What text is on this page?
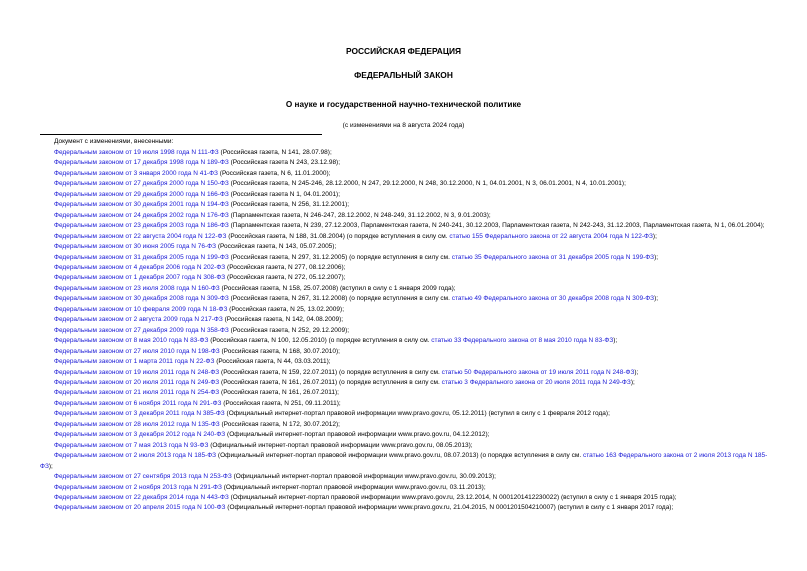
РОССИЙСКАЯ ФЕДЕРАЦИЯ
ФЕДЕРАЛЬНЫЙ ЗАКОН
О науке и государственной научно-технической политике
(с изменениями на 8 августа 2024 года)
Документ с изменениями, внесенными:
Федеральным законом от 19 июля 1998 года N 111-ФЗ (Российская газета, N 141, 28.07.98);
Федеральным законом от 17 декабря 1998 года N 189-ФЗ (Российская газета N 243, 23.12.98);
Федеральным законом от 3 января 2000 года N 41-ФЗ (Российская газета, N 6, 11.01.2000);
Федеральным законом от 27 декабря 2000 года N 150-ФЗ (Российская газета, N 245-246, 28.12.2000, N 247, 29.12.2000, N 248, 30.12.2000, N 1, 04.01.2001, N 3, 06.01.2001, N 4, 10.01.2001);
Федеральным законом от 29 декабря 2000 года N 166-ФЗ (Российская газета N 1, 04.01.2001);
Федеральным законом от 30 декабря 2001 года N 194-ФЗ (Российская газета, N 256, 31.12.2001);
Федеральным законом от 24 декабря 2002 года N 176-ФЗ (Парламентская газета, N 246-247, 28.12.2002, N 248-249, 31.12.2002, N 3, 9.01.2003);
Федеральным законом от 23 декабря 2003 года N 186-ФЗ (Парламентская газета, N 239, 27.12.2003, Парламентская газета, N 240-241, 30.12.2003, Парламентская газета, N 242-243, 31.12.2003, Парламентская газета, N 1, 06.01.2004);
Федеральным законом от 22 августа 2004 года N 122-ФЗ (Российская газета, N 188, 31.08.2004) (о порядке вступления в силу см. статью 155 Федерального закона от 22 августа 2004 года N 122-ФЗ);
Федеральным законом от 30 июня 2005 года N 76-ФЗ (Российская газета, N 143, 05.07.2005);
Федеральным законом от 31 декабря 2005 года N 199-ФЗ (Российская газета, N 297, 31.12.2005) (о порядке вступления в силу см. статью 35 Федерального закона от 31 декабря 2005 года N 199-ФЗ);
Федеральным законом от 4 декабря 2006 года N 202-ФЗ (Российская газета, N 277, 08.12.2006);
Федеральным законом от 1 декабря 2007 года N 308-ФЗ (Российская газета, N 272, 05.12.2007);
Федеральным законом от 23 июля 2008 года N 160-ФЗ (Российская газета, N 158, 25.07.2008) (вступил в силу с 1 января 2009 года);
Федеральным законом от 30 декабря 2008 года N 309-ФЗ (Российская газета, N 267, 31.12.2008) (о порядке вступления в силу см. статью 49 Федерального закона от 30 декабря 2008 года N 309-ФЗ);
Федеральным законом от 10 февраля 2009 года N 18-ФЗ (Российская газета, N 25, 13.02.2009);
Федеральным законом от 2 августа 2009 года N 217-ФЗ (Российская газета, N 142, 04.08.2009);
Федеральным законом от 27 декабря 2009 года N 358-ФЗ (Российская газета, N 252, 29.12.2009);
Федеральным законом от 8 мая 2010 года N 83-ФЗ (Российская газета, N 100, 12.05.2010) (о порядке вступления в силу см. статью 33 Федерального закона от 8 мая 2010 года N 83-ФЗ);
Федеральным законом от 27 июля 2010 года N 198-ФЗ (Российская газета, N 168, 30.07.2010);
Федеральным законом от 1 марта 2011 года N 22-ФЗ (Российская газета, N 44, 03.03.2011);
Федеральным законом от 19 июля 2011 года N 248-ФЗ (Российская газета, N 159, 22.07.2011) (о порядке вступления в силу см. статью 50 Федерального закона от 19 июля 2011 года N 248-ФЗ);
Федеральным законом от 20 июля 2011 года N 249-ФЗ (Российская газета, N 161, 26.07.2011) (о порядке вступления в силу см. статью 3 Федерального закона от 20 июля 2011 года N 249-ФЗ);
Федеральным законом от 21 июля 2011 года N 254-ФЗ (Российская газета, N 161, 26.07.2011);
Федеральным законом от 6 ноября 2011 года N 291-ФЗ (Российская газета, N 251, 09.11.2011);
Федеральным законом от 3 декабря 2011 года N 385-ФЗ (Официальный интернет-портал правовой информации www.pravo.gov.ru, 05.12.2011) (вступил в силу с 1 февраля 2012 года);
Федеральным законом от 28 июля 2012 года N 135-ФЗ (Российская газета, N 172, 30.07.2012);
Федеральным законом от 3 декабря 2012 года N 240-ФЗ (Официальный интернет-портал правовой информации www.pravo.gov.ru, 04.12.2012);
Федеральным законом от 7 мая 2013 года N 93-ФЗ (Официальный интернет-портал правовой информации www.pravo.gov.ru, 08.05.2013);
Федеральным законом от 2 июля 2013 года N 185-ФЗ (Официальный интернет-портал правовой информации www.pravo.gov.ru, 08.07.2013) (о порядке вступления в силу см. статью 163 Федерального закона от 2 июля 2013 года N 185-ФЗ);
Федеральным законом от 27 сентября 2013 года N 253-ФЗ (Официальный интернет-портал правовой информации www.pravo.gov.ru, 30.09.2013);
Федеральным законом от 2 ноября 2013 года N 291-ФЗ (Официальный интернет-портал правовой информации www.pravo.gov.ru, 03.11.2013);
Федеральным законом от 22 декабря 2014 года N 443-ФЗ (Официальный интернет-портал правовой информации www.pravo.gov.ru, 23.12.2014, N 0001201412230022) (вступил в силу с 1 января 2015 года);
Федеральным законом от 20 апреля 2015 года N 100-ФЗ (Официальный интернет-портал правовой информации www.pravo.gov.ru, 21.04.2015, N 0001201504210007) (вступил в силу с 1 января 2017 года);
